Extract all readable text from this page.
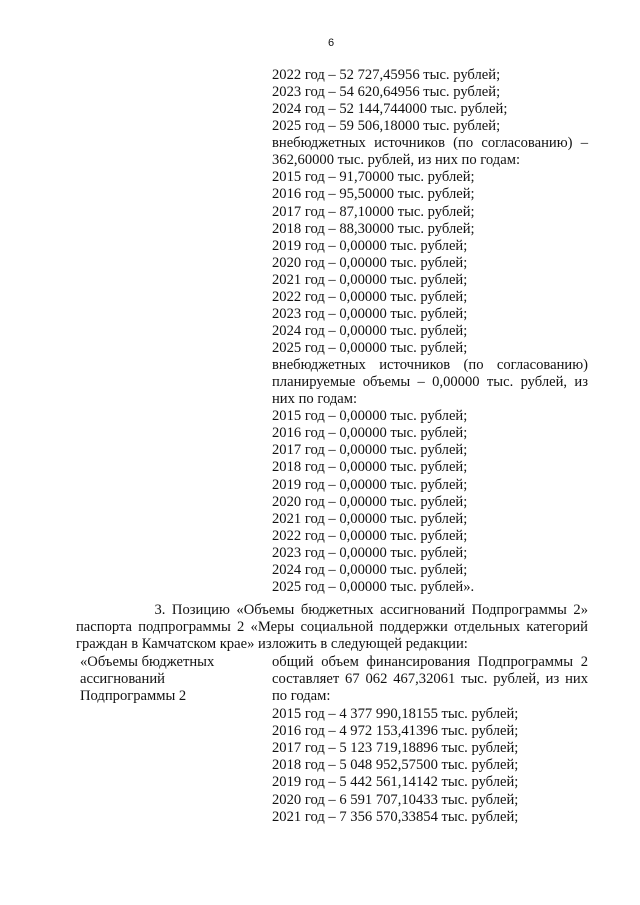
6
2022 год – 52 727,45956 тыс. рублей;
2023 год – 54 620,64956 тыс. рублей;
2024 год – 52 144,744000 тыс. рублей;
2025 год – 59 506,18000 тыс. рублей;
внебюджетных источников (по согласованию) –
362,60000 тыс. рублей, из них по годам:
2015 год – 91,70000 тыс. рублей;
2016 год – 95,50000 тыс. рублей;
2017 год – 87,10000 тыс. рублей;
2018 год – 88,30000 тыс. рублей;
2019 год – 0,00000 тыс. рублей;
2020 год – 0,00000 тыс. рублей;
2021 год – 0,00000 тыс. рублей;
2022 год – 0,00000 тыс. рублей;
2023 год – 0,00000 тыс. рублей;
2024 год – 0,00000 тыс. рублей;
2025 год – 0,00000 тыс. рублей;
внебюджетных источников (по согласованию)
планируемые объемы – 0,00000 тыс. рублей, из
них по годам:
2015 год – 0,00000 тыс. рублей;
2016 год – 0,00000 тыс. рублей;
2017 год – 0,00000 тыс. рублей;
2018 год – 0,00000 тыс. рублей;
2019 год – 0,00000 тыс. рублей;
2020 год – 0,00000 тыс. рублей;
2021 год – 0,00000 тыс. рублей;
2022 год – 0,00000 тыс. рублей;
2023 год – 0,00000 тыс. рублей;
2024 год – 0,00000 тыс. рублей;
2025 год – 0,00000 тыс. рублей».
3. Позицию «Объемы бюджетных ассигнований Подпрограммы 2»
паспорта подпрограммы 2 «Меры социальной поддержки отдельных категорий
граждан в Камчатском крае» изложить в следующей редакции:
«Объемы бюджетных
ассигнований
Подпрограммы 2
общий объем финансирования Подпрограммы 2
составляет 67 062 467,32061 тыс. рублей, из них
по годам:
2015 год – 4 377 990,18155 тыс. рублей;
2016 год – 4 972 153,41396 тыс. рублей;
2017 год – 5 123 719,18896 тыс. рублей;
2018 год – 5 048 952,57500 тыс. рублей;
2019 год – 5 442 561,14142 тыс. рублей;
2020 год – 6 591 707,10433 тыс. рублей;
2021 год – 7 356 570,33854 тыс. рублей;
